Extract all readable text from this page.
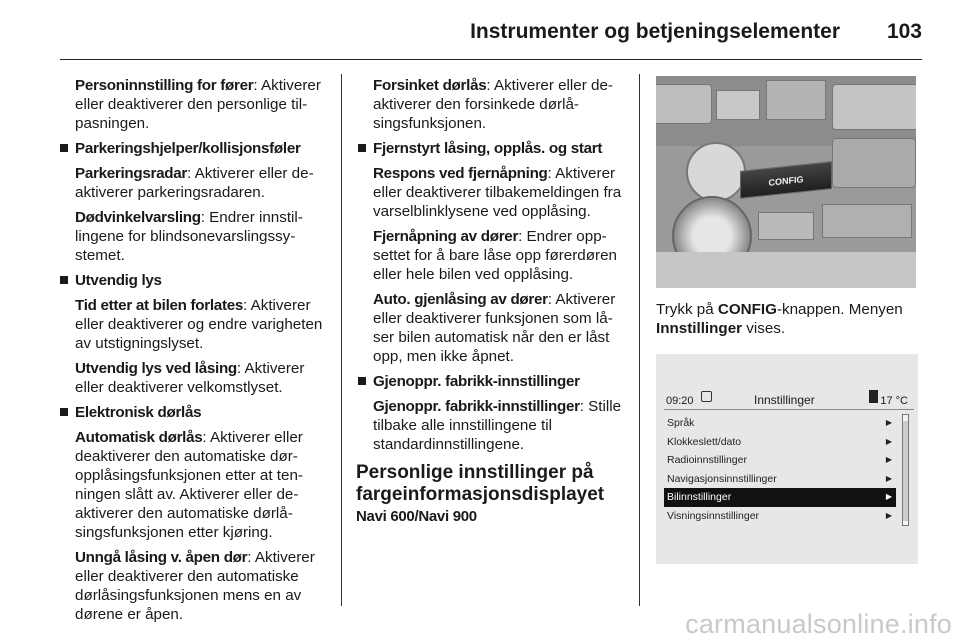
Instrumenter og betjeningselementer 103
Personinnstilling for fører: Aktiverer eller deaktiverer den personlige tilpasningen.
Parkeringshjelper/kollisjonsføler
Parkeringsradar: Aktiverer eller deaktiverer parkeringsradaren.
Dødvinkelvarsling: Endrer innstillingene for blindsonevarslingssystemet.
Utvendig lys
Tid etter at bilen forlates: Aktiverer eller deaktiverer og endre varigheten av utstigningslyset.
Utvendig lys ved låsing: Aktiverer eller deaktiverer velkomstlyset.
Elektronisk dørlås
Automatisk dørlås: Aktiverer eller deaktiverer den automatiske døropplåsingsfunksjonen etter at tenningen slått av. Aktiverer eller deaktiverer den automatiske dørlåsingsfunksjonen etter kjøring.
Unngå låsing v. åpen dør: Aktiverer eller deaktiverer den automatiske dørlåsingsfunksjonen mens en av dørene er åpen.
Forsinket dørlås: Aktiverer eller deaktiverer den forsinkede dørlåsingsfunksjonen.
Fjernstyrt låsing, opplås. og start
Respons ved fjernåpning: Aktiverer eller deaktiverer tilbakemeldingen fra varselblinklysene ved opplåsing.
Fjernåpning av dører: Endrer oppsettet for å bare låse opp førerdøren eller hele bilen ved opplåsing.
Auto. gjenlåsing av dører: Aktiverer eller deaktiverer funksjonen som låser bilen automatisk når den er låst opp, men ikke åpnet.
Gjenoppr. fabrikk-innstillinger
Gjenoppr. fabrikk-innstillinger: Stille tilbake alle innstillingene til standardinnstillingene.
Personlige innstillinger på fargeinformasjonsdisplayet
Navi 600/Navi 900
CONFIG
Trykk på CONFIG-knappen. Menyen Innstillinger vises.
09:20	Innstillinger	17 °C
Språk	▶
Klokkeslett/dato	▶
Radioinnstillinger	▶
Navigasjonsinnstillinger	▶
Bilinnstillinger	▶
Visningsinnstillinger	▶
carmanualsonline.info
